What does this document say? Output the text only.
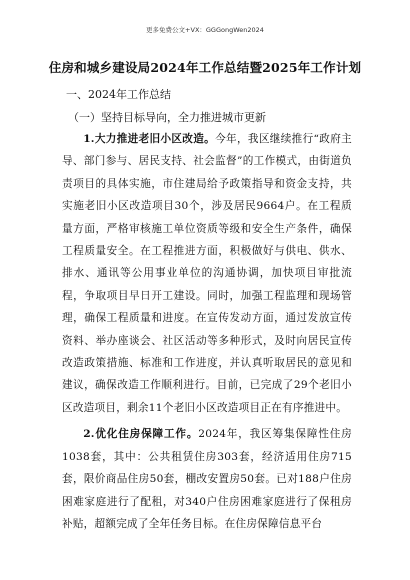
更多免费公文+VX：GGGongWen2024
住房和城乡建设局2024年工作总结暨2025年工作计划
一、2024年工作总结
（一）坚持目标导向，全力推进城市更新

1.大力推进老旧小区改造。今年，我区继续推行“政府主导、部门参与、居民支持、社会监督”的工作模式，由街道负责项目的具体实施，市住建局给予政策指导和资金支持，共实施老旧小区改造项目30个，涉及居民9664户。在工程质量方面，严格审核施工单位资质等级和安全生产条件，确保工程质量安全。在工程推进方面，积极做好与供电、供水、排水、通讯等公用事业单位的沟通协调，加快项目审批流程，争取项目早日开工建设。同时，加强工程监理和现场管理，确保工程质量和进度。在宣传发动方面，通过发放宣传资料、举办座谈会、社区活动等多种形式，及时向居民宣传改造政策措施、标准和工作进度，并认真听取居民的意见和建议，确保改造工作顺利进行。目前，已完成了29个老旧小区改造项目，剩余11个老旧小区改造项目正在有序推进中。

2.优化住房保障工作。2024年，我区筹集保障性住房1038套，其中：公共租赁住房303套，经济适用住房715套，限价商品住房50套，棚改安置房50套。已对188户住房困难家庭进行了配租，对340户住房困难家庭进行了保租房补贴，超额完成了全年任务目标。在住房保障信息平台
